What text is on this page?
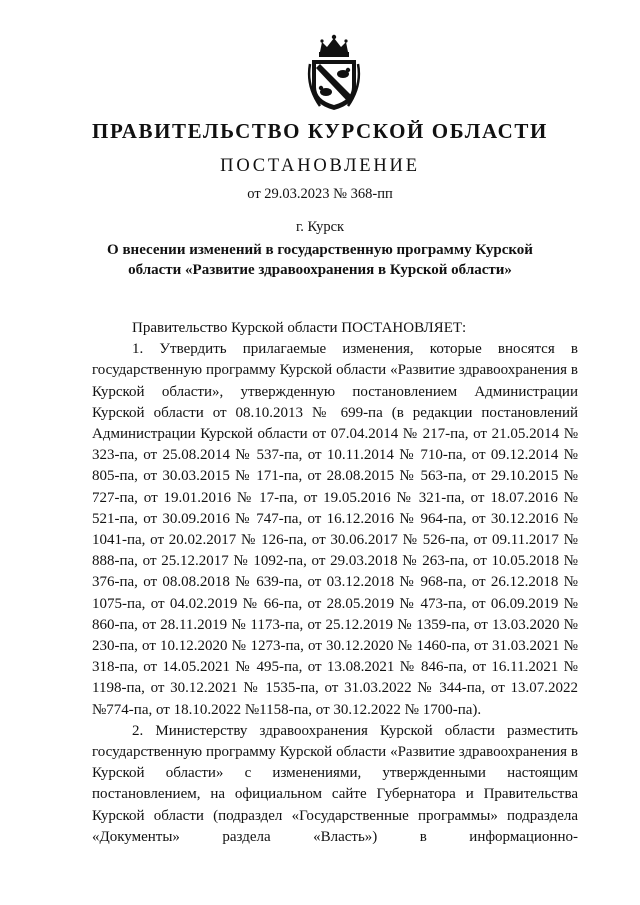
ПРАВИТЕЛЬСТВО КУРСКОЙ ОБЛАСТИ
ПОСТАНОВЛЕНИЕ
от 29.03.2023 № 368-пп
г. Курск
О внесении изменений в государственную программу Курской
области «Развитие здравоохранения в Курской области»

Правительство Курской области ПОСТАНОВЛЯЕТ:

1. Утвердить прилагаемые изменения, которые вносятся в государственную программу Курской области «Развитие здравоохранения в Курской области», утвержденную постановлением Администрации Курской области от 08.10.2013 № 699-па (в редакции постановлений Администрации Курской области от 07.04.2014 № 217-па, от 21.05.2014 № 323-па, от 25.08.2014 № 537-па, от 10.11.2014 № 710-па, от 09.12.2014 № 805-па, от 30.03.2015 № 171-па, от 28.08.2015 № 563-па, от 29.10.2015 № 727-па, от 19.01.2016 № 17-па, от 19.05.2016 № 321-па, от 18.07.2016 № 521-па, от 30.09.2016 № 747-па, от 16.12.2016 № 964-па, от 30.12.2016 № 1041-па, от 20.02.2017 № 126-па, от 30.06.2017 № 526-па, от 09.11.2017 № 888-па, от 25.12.2017 № 1092-па, от 29.03.2018 № 263-па, от 10.05.2018 № 376-па, от 08.08.2018 № 639-па, от 03.12.2018 № 968-па, от 26.12.2018 № 1075-па, от 04.02.2019 № 66-па, от 28.05.2019 № 473-па, от 06.09.2019 № 860-па, от 28.11.2019 № 1173-па, от 25.12.2019 № 1359-па, от 13.03.2020 № 230-па, от 10.12.2020 № 1273-па, от 30.12.2020 № 1460-па, от 31.03.2021 № 318-па, от 14.05.2021 № 495-па, от 13.08.2021 № 846-па, от 16.11.2021 № 1198-па, от 30.12.2021 № 1535-па, от 31.03.2022 № 344-па, от 13.07.2022 №774-па, от 18.10.2022 №1158-па, от 30.12.2022 № 1700-па).

2. Министерству здравоохранения Курской области разместить государственную программу Курской области «Развитие здравоохранения в Курской области» с изменениями, утвержденными настоящим постановлением, на официальном сайте Губернатора и Правительства Курской области (подраздел «Государственные программы» подраздела «Документы» раздела «Власть») в информационно-
